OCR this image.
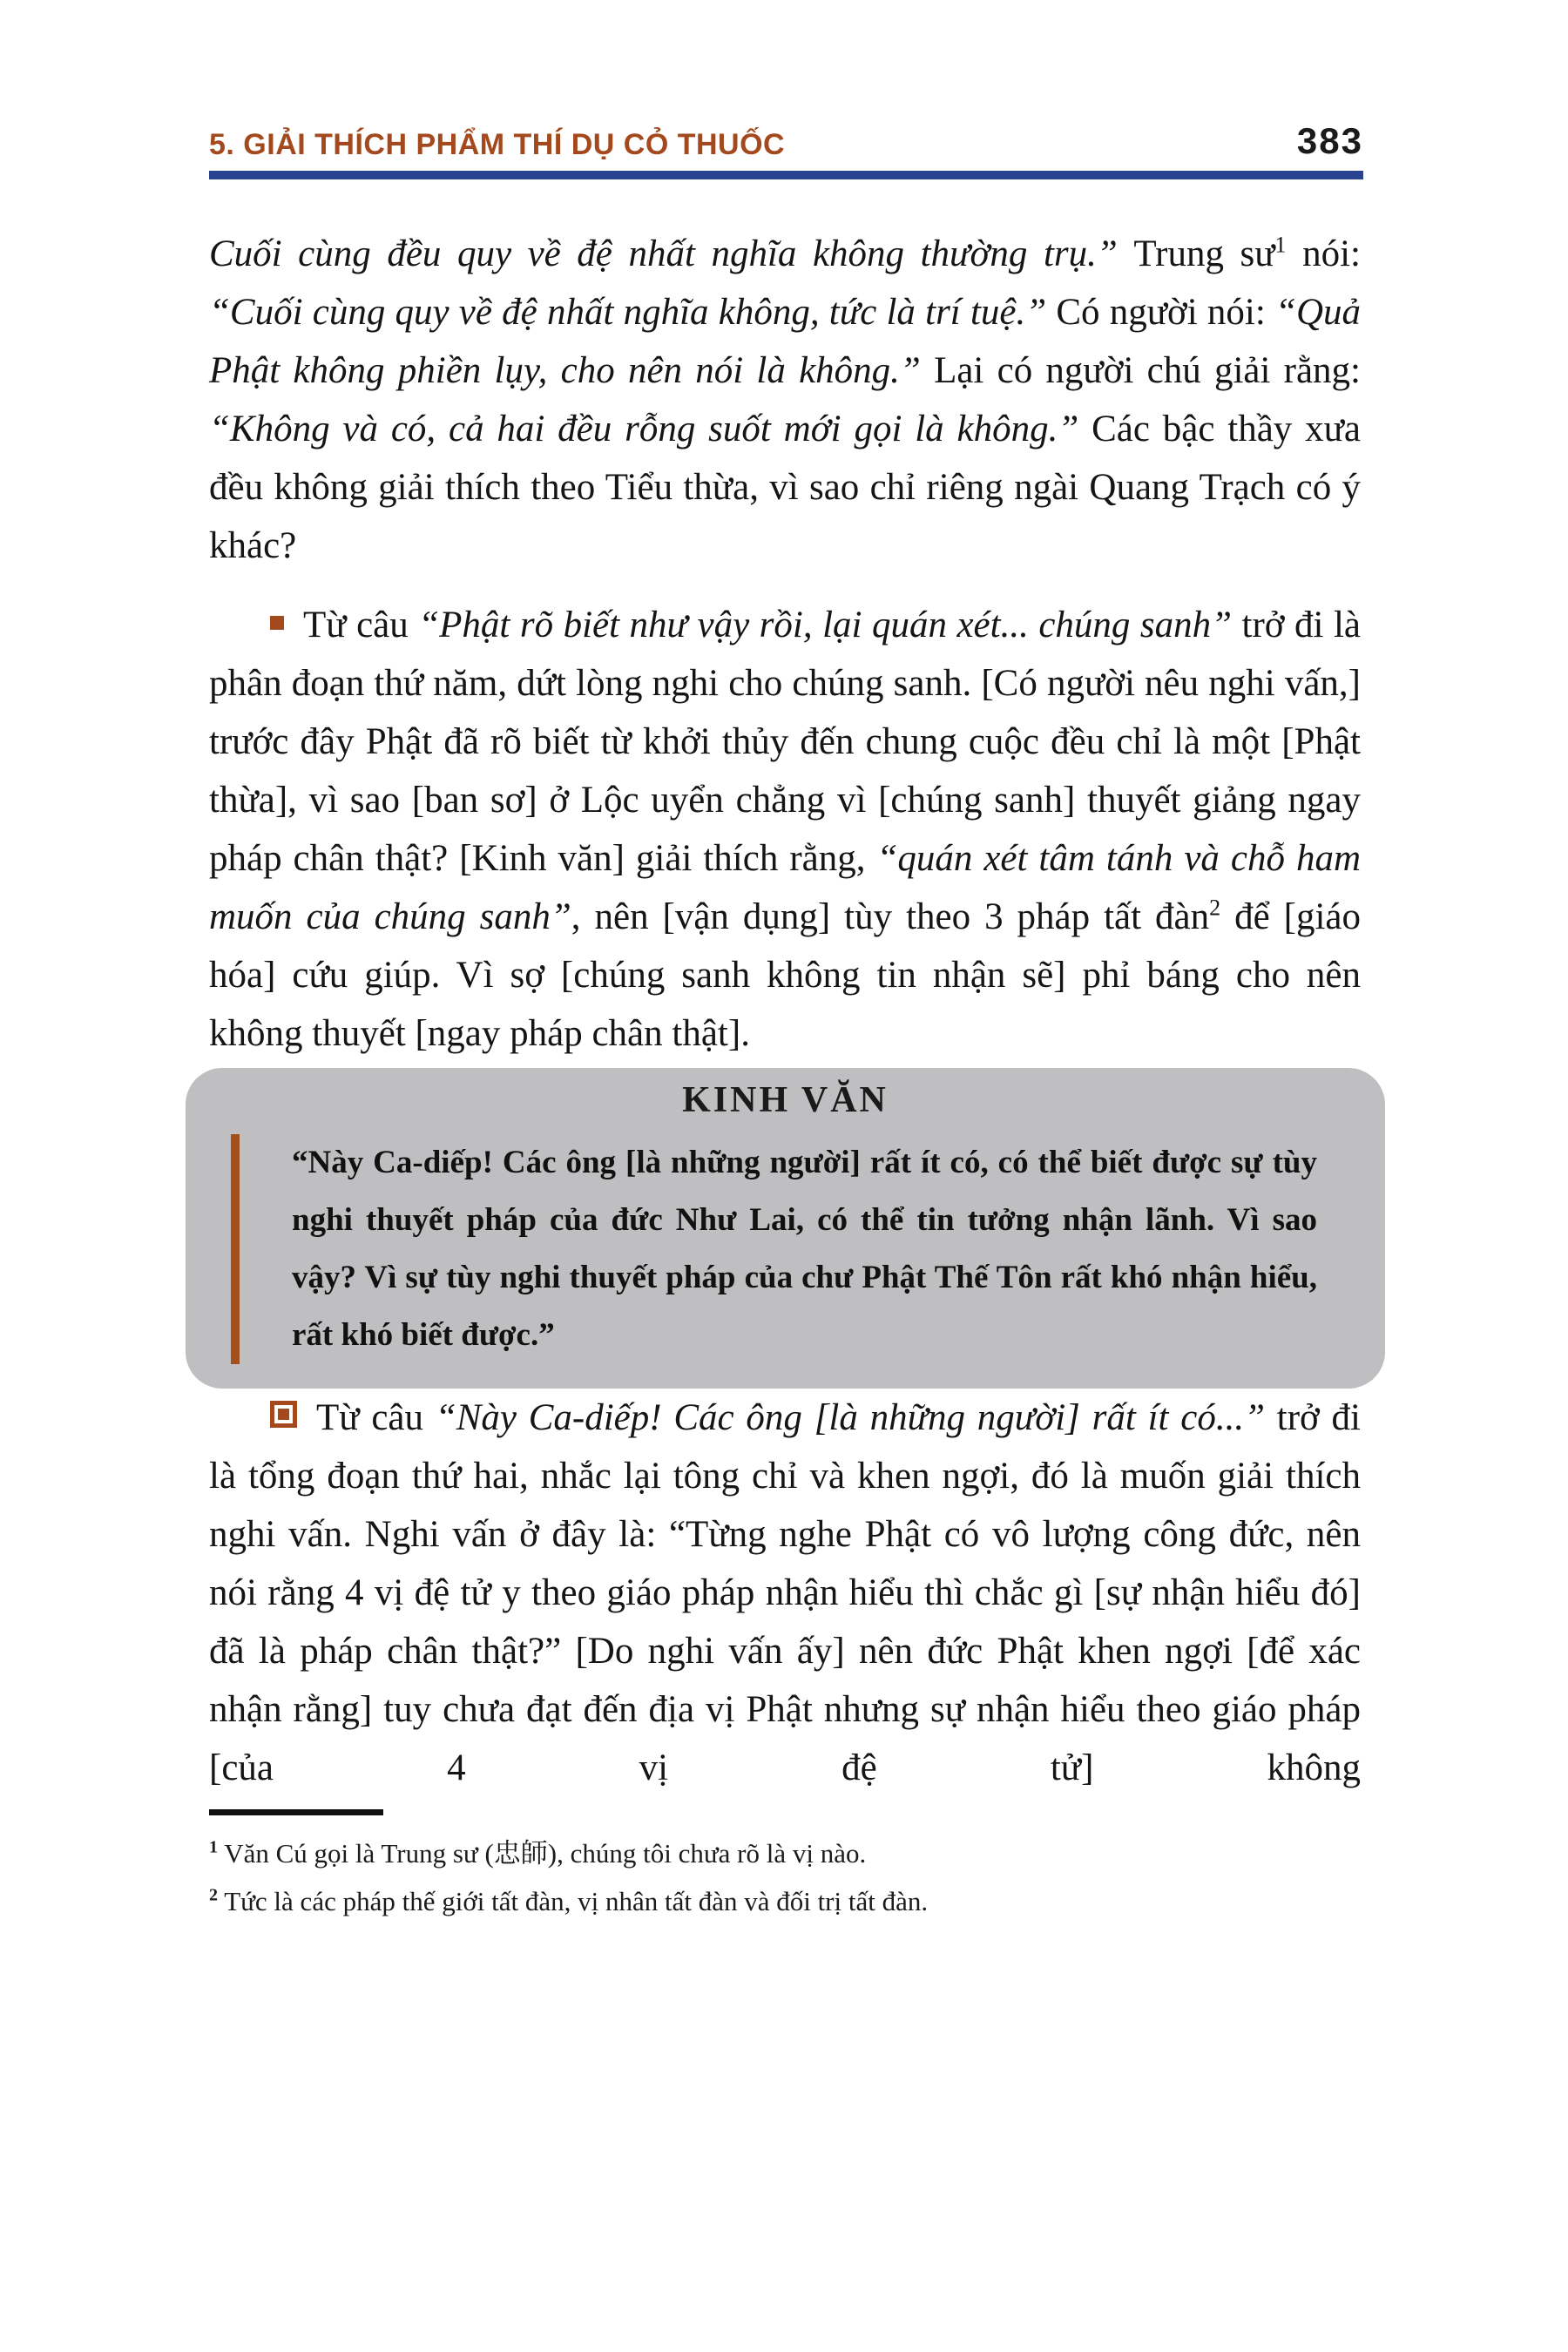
5. GIẢI THÍCH PHẨM THÍ DỤ CỎ THUỐC	383

Cuối cùng đều quy về đệ nhất nghĩa không thường trụ.” Trung $sư^1$ nói: “Cuối cùng quy về đệ nhất nghĩa không, tức là trí tuệ.” Có người nói: “Quả Phật không phiền lụy, cho nên nói là không.” Lại có người chú giải rằng: “Không và có, cả hai đều rỗng suốt mới gọi là không.” Các bậc thầy xưa đều không giải thích theo Tiểu thừa, vì sao chỉ riêng ngài Quang Trạch có ý khác?

Từ câu “Phật rõ biết như vậy rồi, lại quán xét... chúng sanh” trở đi là phân đoạn thứ năm, dứt lòng nghi cho chúng sanh. [Có người nêu nghi vấn,] trước đây Phật đã rõ biết từ khởi thủy đến chung cuộc đều chỉ là một [Phật thừa], vì sao [ban sơ] ở Lộc uyển chẳng vì [chúng sanh] thuyết giảng ngay pháp chân thật? [Kinh văn] giải thích rằng, “quán xét tâm tánh và chỗ ham muốn của chúng sanh”, nên [vận dụng] tùy theo 3 pháp tất đàn$^2$ để [giáo hóa] cứu giúp. Vì sợ [chúng sanh không tin nhận sẽ] phỉ báng cho nên không thuyết [ngay pháp chân thật].

KINH VĂN
“Này Ca-diếp! Các ông [là những người] rất ít có, có thể biết được sự tùy nghi thuyết pháp của đức Như Lai, có thể tin tưởng nhận lãnh. Vì sao vậy? Vì sự tùy nghi thuyết pháp của chư Phật Thế Tôn rất khó nhận hiểu, rất khó biết được.”

Từ câu “Này Ca-diếp! Các ông [là những người] rất ít có...” trở đi là tổng đoạn thứ hai, nhắc lại tông chỉ và khen ngợi, đó là muốn giải thích nghi vấn. Nghi vấn ở đây là: “Từng nghe Phật có vô lượng công đức, nên nói rằng 4 vị đệ tử y theo giáo pháp nhận hiểu thì chắc gì [sự nhận hiểu đó] đã là pháp chân thật?” [Do nghi vấn ấy] nên đức Phật khen ngợi [để xác nhận rằng] tuy chưa đạt đến địa vị Phật nhưng sự nhận hiểu theo giáo pháp [của 4 vị đệ tử] không

$^1$ Văn Cú gọi là Trung sư (忠師), chúng tôi chưa rõ là vị nào.
$^2$ Tức là các pháp thế giới tất đàn, vị nhân tất đàn và đối trị tất đàn.
